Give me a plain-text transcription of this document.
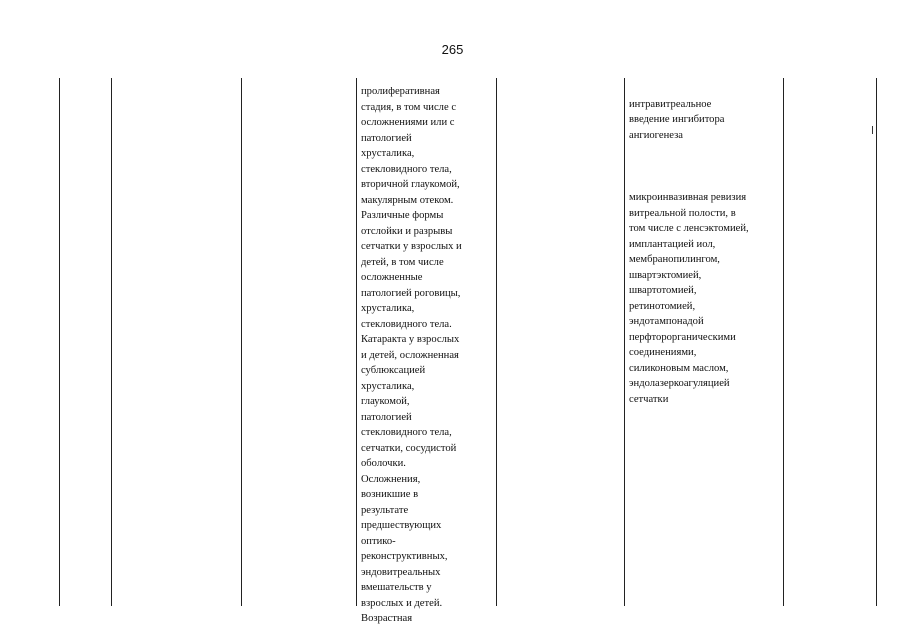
265
пролиферативная
стадия, в том числе с
осложнениями или с
патологией
хрусталика,
стекловидного тела,
вторичной глаукомой,
макулярным отеком.
Различные формы
отслойки и разрывы
сетчатки у взрослых и
детей, в том числе
осложненные
патологией роговицы,
хрусталика,
стекловидного тела.
Катаракта у взрослых
и детей, осложненная
сублюксацией
хрусталика,
глаукомой,
патологией
стекловидного тела,
сетчатки, сосудистой
оболочки.
Осложнения,
возникшие в
результате
предшествующих
оптико-
реконструктивных,
эндовитреальных
вмешательств у
взрослых и детей.
Возрастная

интравитреальное
введение ингибитора
ангиогенеза

микроинвазивная ревизия
витреальной полости, в
том числе с ленсэктомией,
имплантацией иол,
мембранопилингом,
швартэктомией,
швартотомией,
ретинотомией,
эндотампонадой
перфторорганическими
соединениями,
силиконовым маслом,
эндолазеркоагуляцией
сетчатки
